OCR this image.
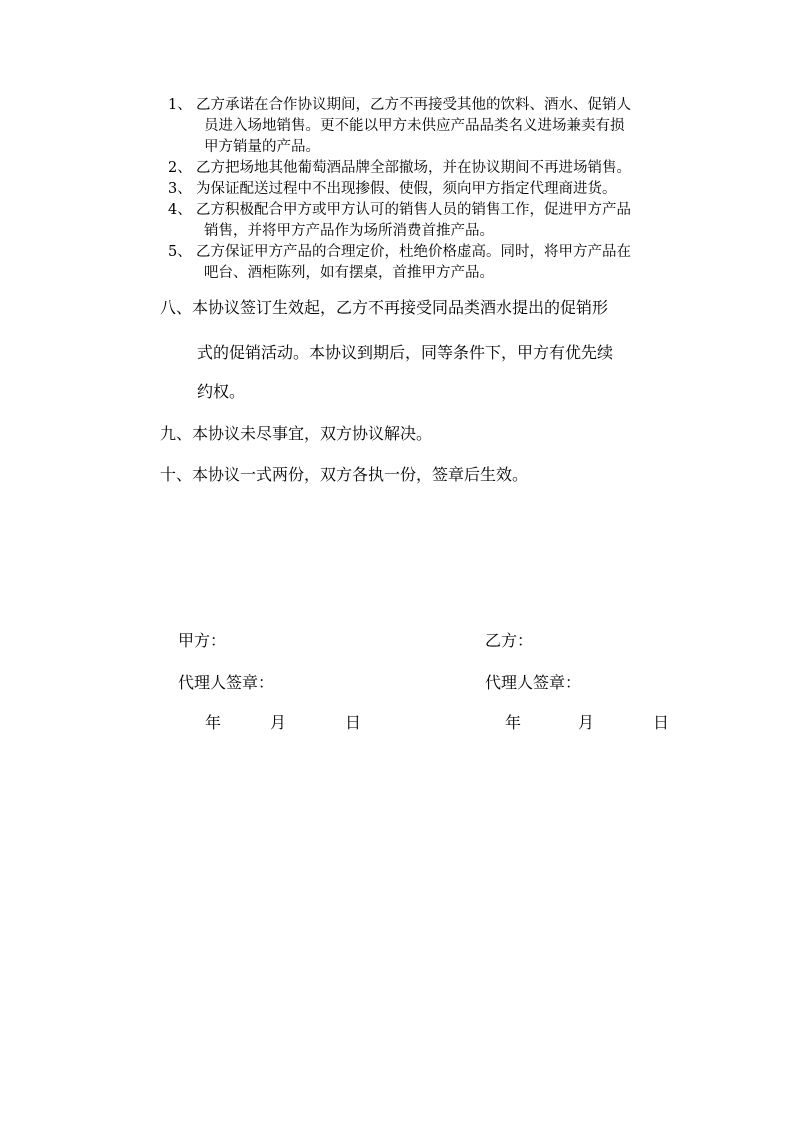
1、 乙方承诺在合作协议期间，乙方不再接受其他的饮料、酒水、促销人
员进入场地销售。更不能以甲方未供应产品品类名义进场兼卖有损
甲方销量的产品。
2、 乙方把场地其他葡萄酒品牌全部撤场，并在协议期间不再进场销售。
3、 为保证配送过程中不出现掺假、使假，须向甲方指定代理商进货。
4、 乙方积极配合甲方或甲方认可的销售人员的销售工作，促进甲方产品
销售，并将甲方产品作为场所消费首推产品。
5、 乙方保证甲方产品的合理定价，杜绝价格虚高。同时，将甲方产品在
吧台、酒柜陈列，如有摆桌，首推甲方产品。
八、本协议签订生效起，乙方不再接受同品类酒水提出的促销形
式的促销活动。本协议到期后，同等条件下，甲方有优先续
约权。
九、本协议未尽事宜，双方协议解决。
十、本协议一式两份，双方各执一份，签章后生效。
甲方：	乙方：
代理人签章：	代理人签章：
年	月	日	年	月	日
